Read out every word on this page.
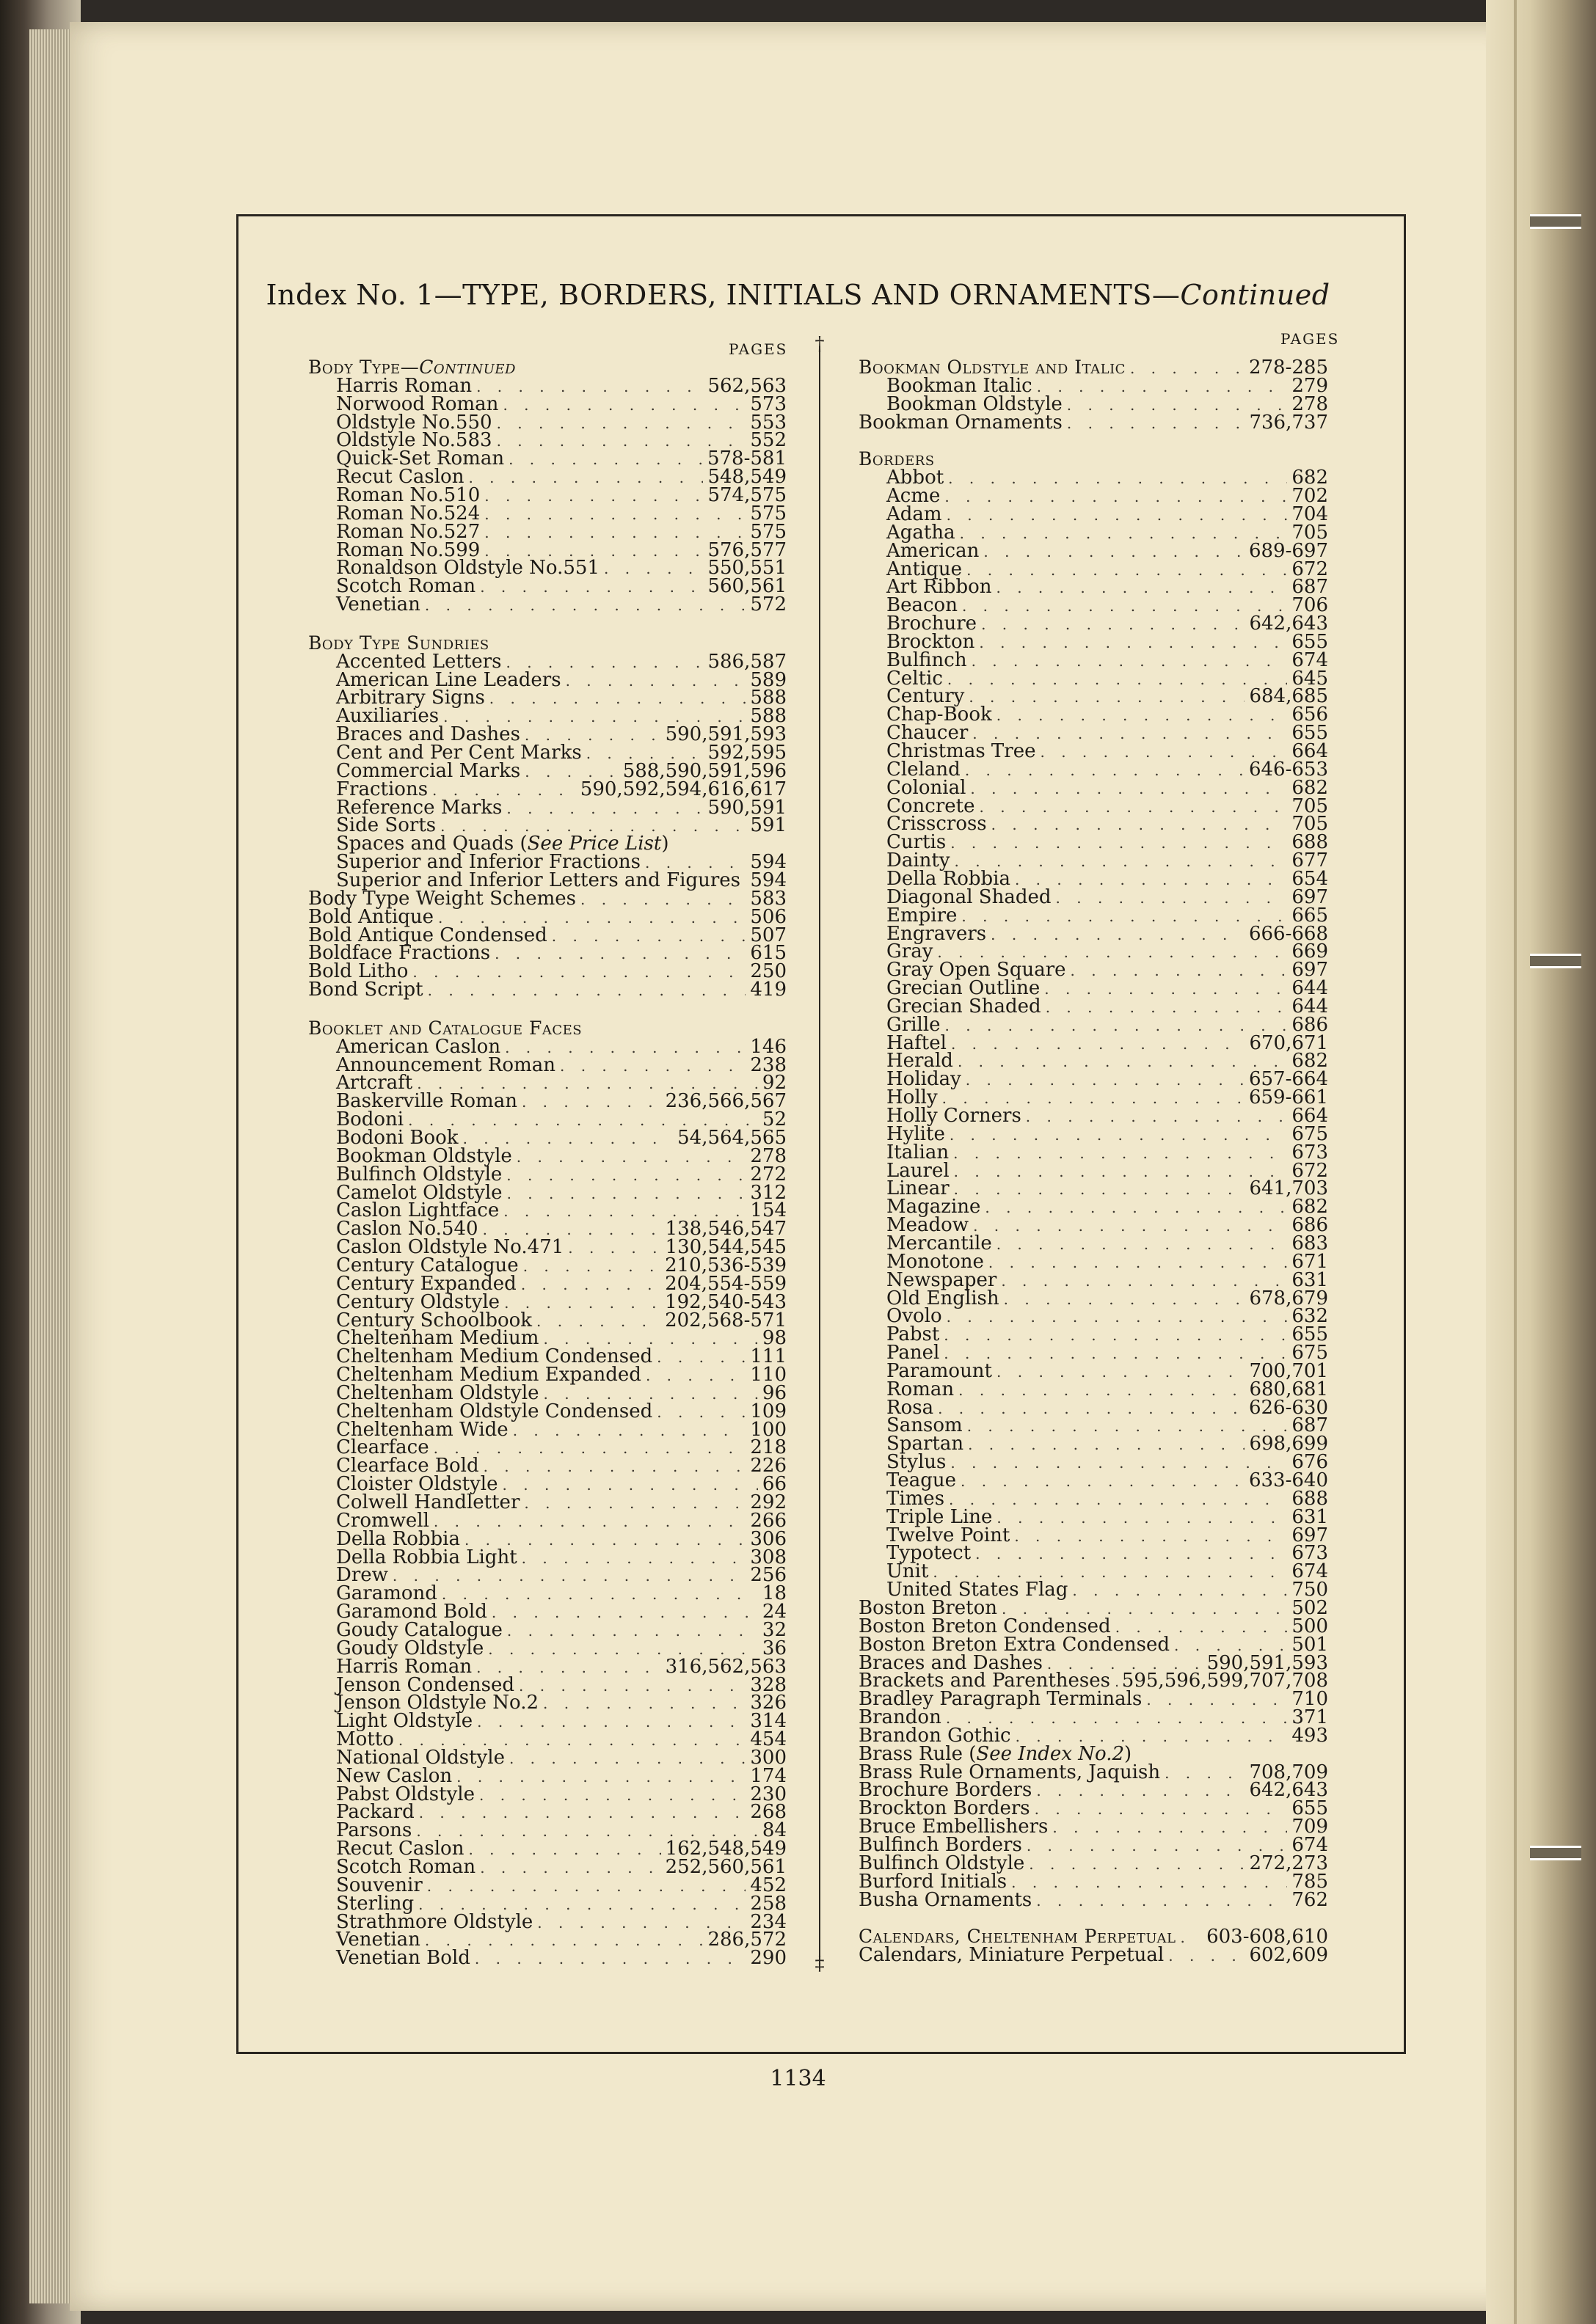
†
‡
Index No. 1—TYPE, BORDERS, INITIALS AND ORNAMENTS—Continued
PAGES
PAGES
Body Type—Continued
Harris Roman . . .	562,563
Norwood Roman . . .	573
Oldstyle No.550 . . .	553
Oldstyle No.583 . . .	552
Quick-Set Roman . . .	578-581
Recut Caslon . . .	548,549
Roman No.510 . . .	574,575
Roman No.524 . . .	575
Roman No.527 . . .	575
Roman No.599 . . .	576,577
Ronaldson Oldstyle No.551 . . .	550,551
Scotch Roman . . .	560,561
Venetian . . .	572
Body Type Sundries
Accented Letters . . .	586,587
American Line Leaders . . .	589
Arbitrary Signs . . .	588
Auxiliaries . . .	588
Braces and Dashes . . .	590,591,593
Cent and Per Cent Marks . . .	592,595
Commercial Marks . . .	588,590,591,596
Fractions . . .	590,592,594,616,617
Reference Marks . . .	590,591
Side Sorts . . .	591
Spaces and Quads (See Price List)
Superior and Inferior Fractions . . .	594
Superior and Inferior Letters and Figures . . . 594
Body Type Weight Schemes . . .	583
Bold Antique . . .	506
Bold Antique Condensed . . .	507
Boldface Fractions . . .	615
Bold Litho . . .	250
Bond Script . . .	419
Booklet and Catalogue Faces
American Caslon . . .	146
Announcement Roman . . .	238
Artcraft . . .	92
Baskerville Roman . . .	236,566,567
Bodoni . . .	52
Bodoni Book . . .	54,564,565
Bookman Oldstyle . . .	278
Bulfinch Oldstyle . . .	272
Camelot Oldstyle . . .	312
Caslon Lightface . . .	154
Caslon No.540 . . .	138,546,547
Caslon Oldstyle No.471 . . .	130,544,545
Century Catalogue . . .	210,536-539
Century Expanded . . .	204,554-559
Century Oldstyle . . .	192,540-543
Century Schoolbook . . .	202,568-571
Cheltenham Medium . . .	98
Cheltenham Medium Condensed . . .	111
Cheltenham Medium Expanded . . .	110
Cheltenham Oldstyle . . .	96
Cheltenham Oldstyle Condensed . . .	109
Cheltenham Wide . . .	100
Clearface . . .	218
Clearface Bold . . .	226
Cloister Oldstyle . . .	66
Colwell Handletter . . .	292
Cromwell . . .	266
Della Robbia . . .	306
Della Robbia Light . . .	308
Drew . . .	256
Garamond . . .	18
Garamond Bold . . .	24
Goudy Catalogue . . .	32
Goudy Oldstyle . . .	36
Harris Roman . . .	316,562,563
Jenson Condensed . . .	328
Jenson Oldstyle No.2 . . .	326
Light Oldstyle . . .	314
Motto . . .	454
National Oldstyle . . .	300
New Caslon . . .	174
Pabst Oldstyle . . .	230
Packard . . .	268
Parsons . . .	84
Recut Caslon . . .	162,548,549
Scotch Roman . . .	252,560,561
Souvenir . . .	452
Sterling . . .	258
Strathmore Oldstyle . . .	234
Venetian . . .	286,572
Venetian Bold . . .	290
Bookman Oldstyle and Italic . . .	278-285
Bookman Italic . . .	279
Bookman Oldstyle . . .	278
Bookman Ornaments . . .	736,737
Borders
Abbot . . .	682
Acme . . .	702
Adam . . .	704
Agatha . . .	705
American . . .	689-697
Antique . . .	672
Art Ribbon . . .	687
Beacon . . .	706
Brochure . . .	642,643
Brockton . . .	655
Bulfinch . . .	674
Celtic . . .	645
Century . . .	684,685
Chap-Book . . .	656
Chaucer . . .	655
Christmas Tree . . .	664
Cleland . . .	646-653
Colonial . . .	682
Concrete . . .	705
Crisscross . . .	705
Curtis . . .	688
Dainty . . .	677
Della Robbia . . .	654
Diagonal Shaded . . .	697
Empire . . .	665
Engravers . . .	666-668
Gray . . .	669
Gray Open Square . . .	697
Grecian Outline . . .	644
Grecian Shaded . . .	644
Grille . . .	686
Haftel . . .	670,671
Herald . . .	682
Holiday . . .	657-664
Holly . . .	659-661
Holly Corners . . .	664
Hylite . . .	675
Italian . . .	673
Laurel . . .	672
Linear . . .	641,703
Magazine . . .	682
Meadow . . .	686
Mercantile . . .	683
Monotone . . .	671
Newspaper . . .	631
Old English . . .	678,679
Ovolo . . .	632
Pabst . . .	655
Panel . . .	675
Paramount . . .	700,701
Roman . . .	680,681
Rosa . . .	626-630
Sansom . . .	687
Spartan . . .	698,699
Stylus . . .	676
Teague . . .	633-640
Times . . .	688
Triple Line . . .	631
Twelve Point . . .	697
Typotect . . .	673
Unit . . .	674
United States Flag . . .	750
Boston Breton . . .	502
Boston Breton Condensed . . .	500
Boston Breton Extra Condensed . . .	501
Braces and Dashes . . .	590,591,593
Brackets and Parentheses . . . 595,596,599,707,708
Bradley Paragraph Terminals . . .	710
Brandon . . .	371
Brandon Gothic . . .	493
Brass Rule (See Index No.2)
Brass Rule Ornaments, Jaquish . . .	708,709
Brochure Borders . . .	642,643
Brockton Borders . . .	655
Bruce Embellishers . . .	709
Bulfinch Borders . . .	674
Bulfinch Oldstyle . . .	272,273
Burford Initials . . .	785
Busha Ornaments . . .	762
Calendars, Cheltenham Perpetual . . . 603-608,610
Calendars, Miniature Perpetual . . .	602,609
1134
